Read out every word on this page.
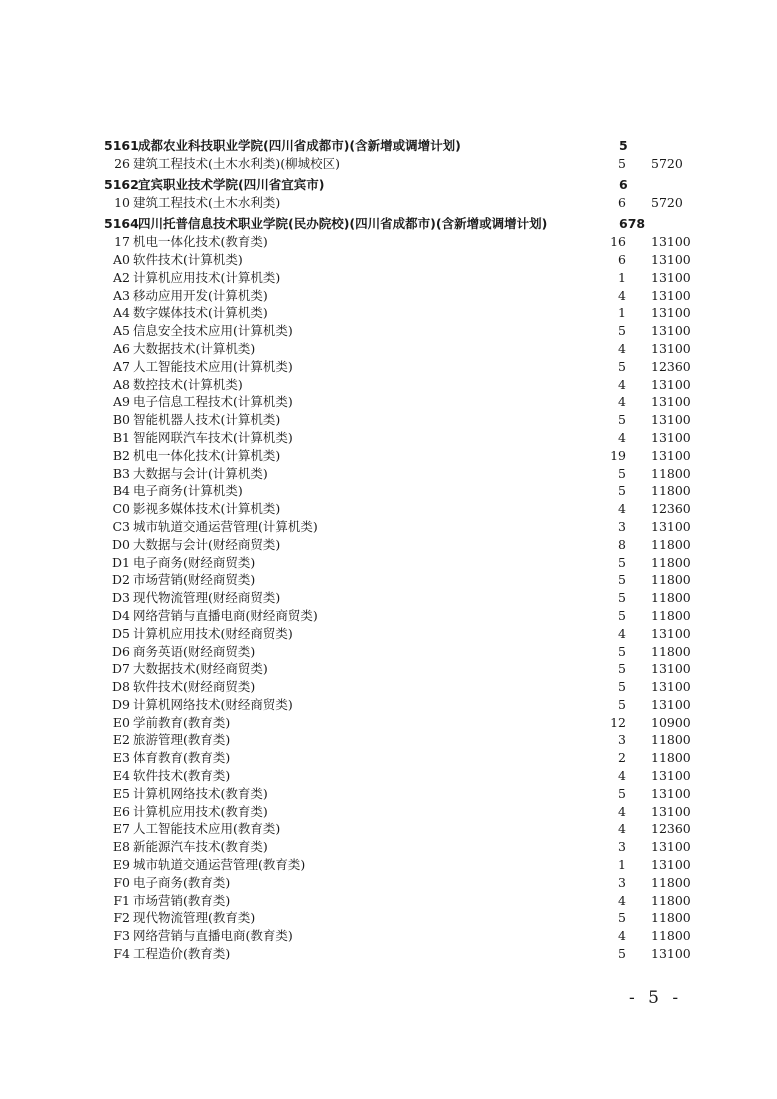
5161 成都农业科技职业学院(四川省成都市)(含新增或调增计划)	5
26 建筑工程技术(土木水利类)(柳城校区)	5 5720
5162 宜宾职业技术学院(四川省宜宾市)	6
10 建筑工程技术(土木水利类)	6 5720
5164 四川托普信息技术职业学院(民办院校)(四川省成都市)(含新增或调增计划)	678
17 机电一体化技术(教育类)	16 13100
A0 软件技术(计算机类)	6 13100
A2 计算机应用技术(计算机类)	1 13100
A3 移动应用开发(计算机类)	4 13100
A4 数字媒体技术(计算机类)	1 13100
A5 信息安全技术应用(计算机类)	5 13100
A6 大数据技术(计算机类)	4 13100
A7 人工智能技术应用(计算机类)	5 12360
A8 数控技术(计算机类)	4 13100
A9 电子信息工程技术(计算机类)	4 13100
B0 智能机器人技术(计算机类)	5 13100
B1 智能网联汽车技术(计算机类)	4 13100
B2 机电一体化技术(计算机类)	19 13100
B3 大数据与会计(计算机类)	5 11800
B4 电子商务(计算机类)	5 11800
C0 影视多媒体技术(计算机类)	4 12360
C3 城市轨道交通运营管理(计算机类)	3 13100
D0 大数据与会计(财经商贸类)	8 11800
D1 电子商务(财经商贸类)	5 11800
D2 市场营销(财经商贸类)	5 11800
D3 现代物流管理(财经商贸类)	5 11800
D4 网络营销与直播电商(财经商贸类)	5 11800
D5 计算机应用技术(财经商贸类)	4 13100
D6 商务英语(财经商贸类)	5 11800
D7 大数据技术(财经商贸类)	5 13100
D8 软件技术(财经商贸类)	5 13100
D9 计算机网络技术(财经商贸类)	5 13100
E0 学前教育(教育类)	12 10900
E2 旅游管理(教育类)	3 11800
E3 体育教育(教育类)	2 11800
E4 软件技术(教育类)	4 13100
E5 计算机网络技术(教育类)	5 13100
E6 计算机应用技术(教育类)	4 13100
E7 人工智能技术应用(教育类)	4 12360
E8 新能源汽车技术(教育类)	3 13100
E9 城市轨道交通运营管理(教育类)	1 13100
F0 电子商务(教育类)	3 11800
F1 市场营销(教育类)	4 11800
F2 现代物流管理(教育类)	5 11800
F3 网络营销与直播电商(教育类)	4 11800
F4 工程造价(教育类)	5 13100
- 5 -
